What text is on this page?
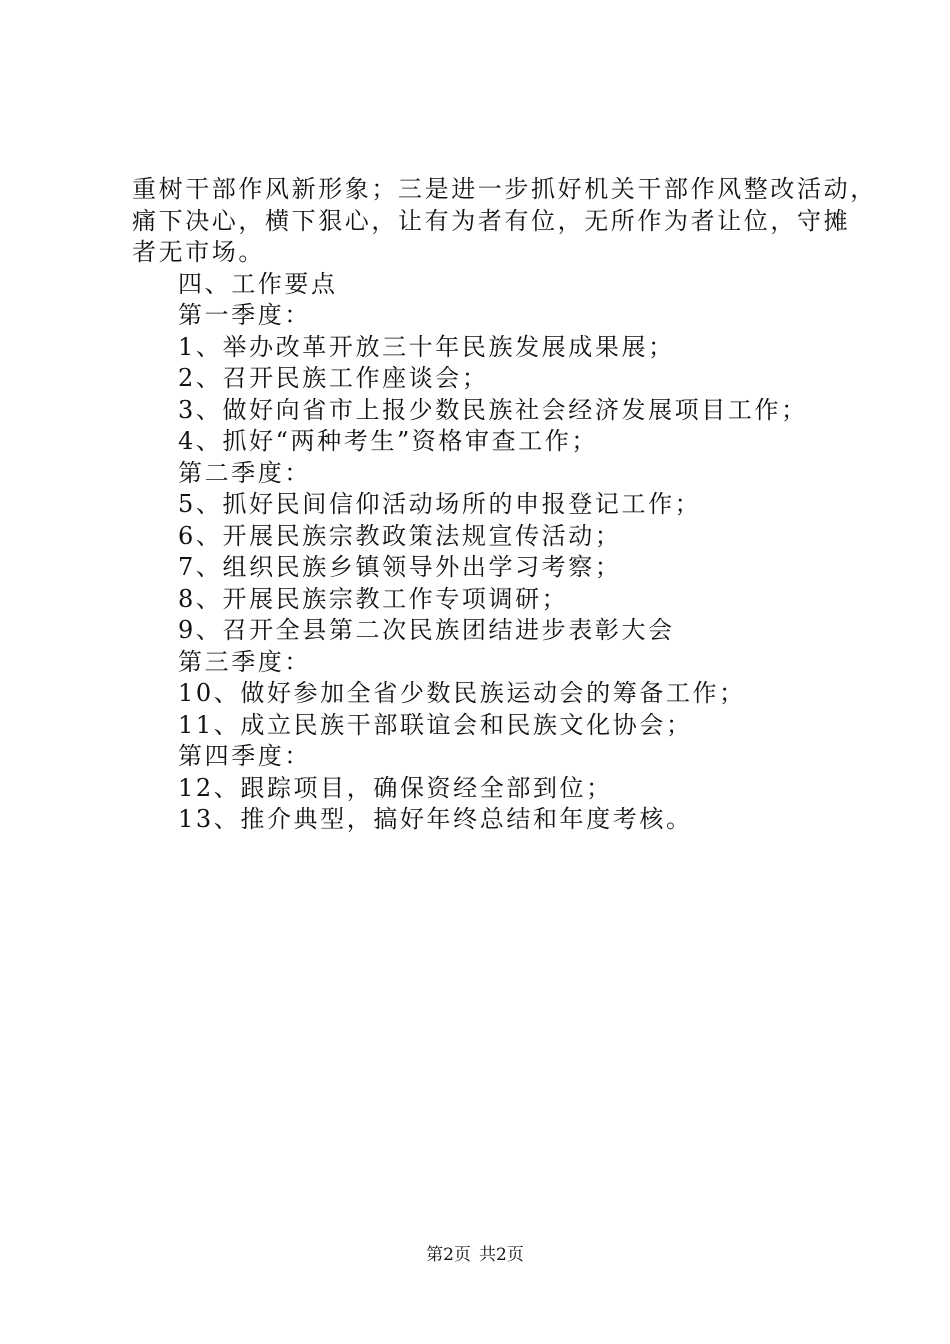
重树干部作风新形象；三是进一步抓好机关干部作风整改活动，
痛下决心，横下狠心，让有为者有位，无所作为者让位，守摊
者无市场。
四、工作要点
第一季度：
1、举办改革开放三十年民族发展成果展；
2、召开民族工作座谈会；
3、做好向省市上报少数民族社会经济发展项目工作；
4、抓好“两种考生”资格审查工作；
第二季度：
5、抓好民间信仰活动场所的申报登记工作；
6、开展民族宗教政策法规宣传活动；
7、组织民族乡镇领导外出学习考察；
8、开展民族宗教工作专项调研；
9、召开全县第二次民族团结进步表彰大会
第三季度：
10、做好参加全省少数民族运动会的筹备工作；
11、成立民族干部联谊会和民族文化协会；
第四季度：
12、跟踪项目，确保资经全部到位；
13、推介典型，搞好年终总结和年度考核。
第2页 共2页
